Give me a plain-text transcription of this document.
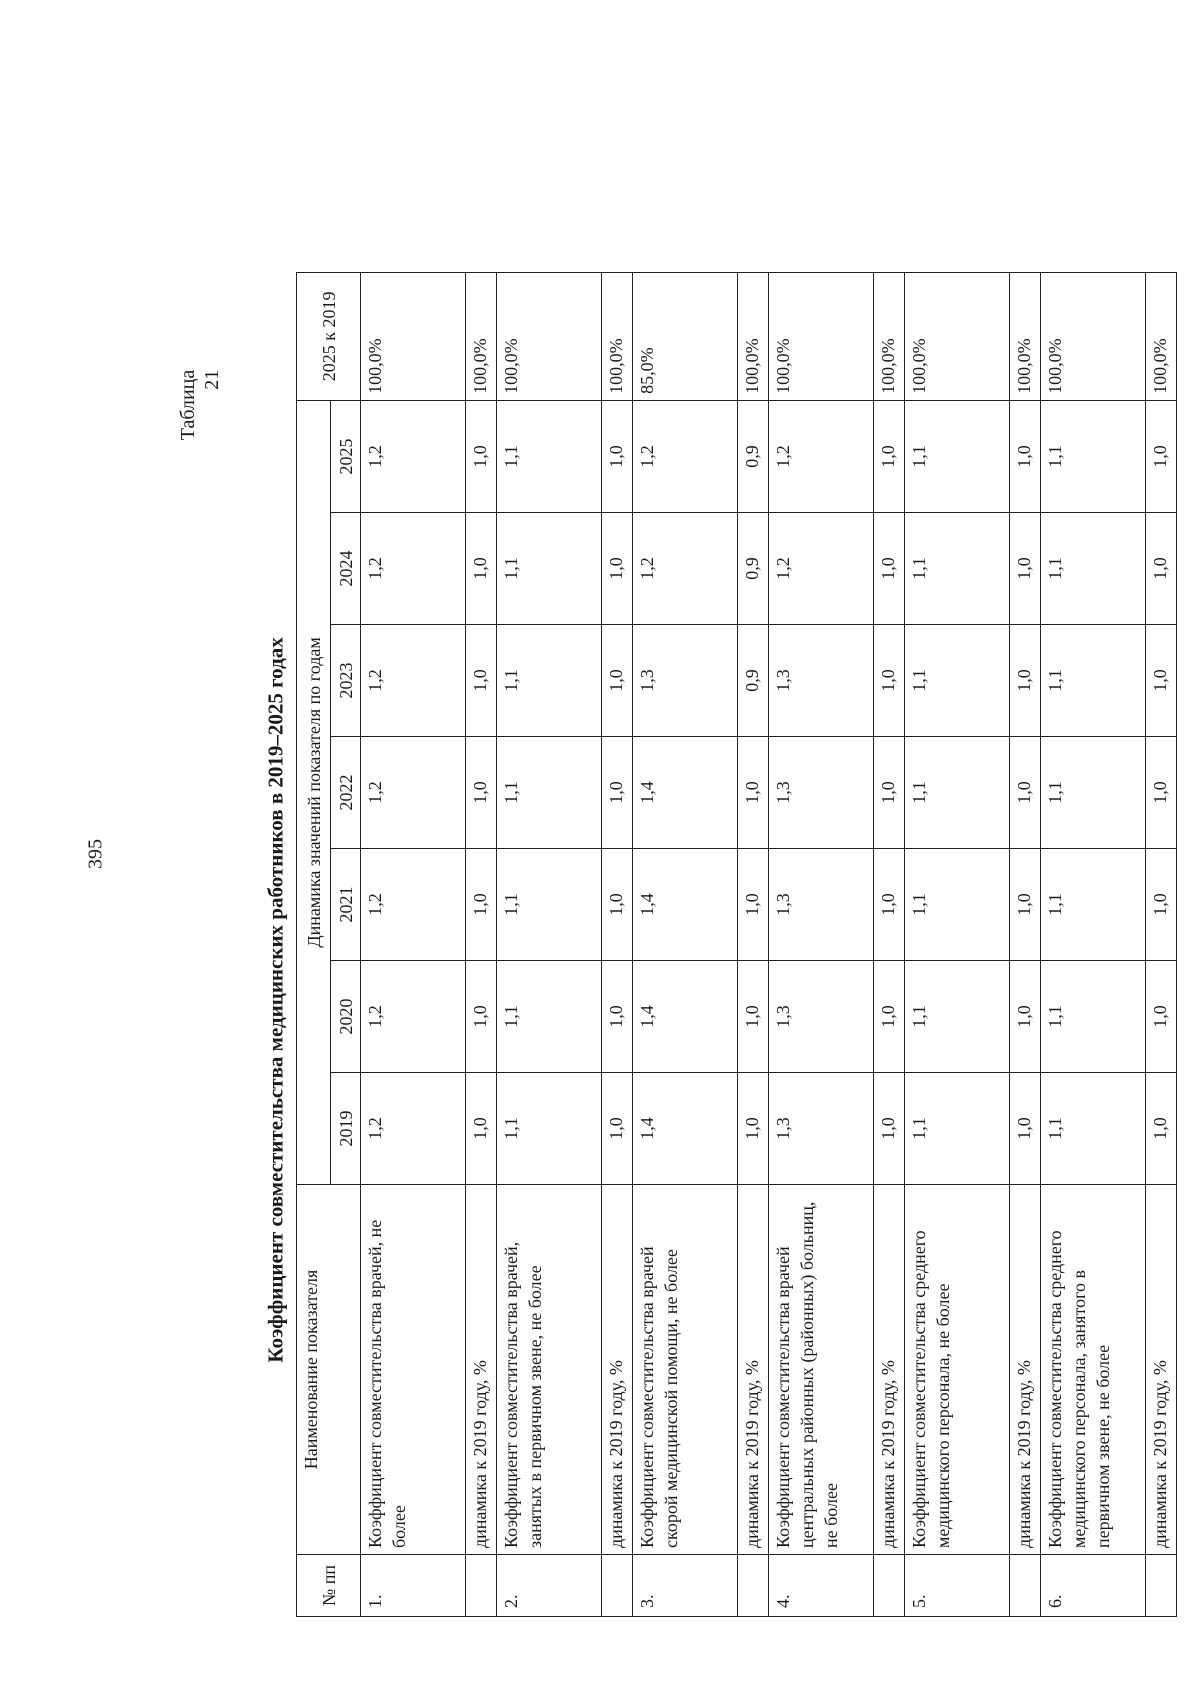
395
Таблица 21
Коэффициент совместительства медицинских работников в 2019–2025 годах
№ пп	Наименование показателя	Динамика значений показателя по годам							2025 к 2019
		2019	2020	2021	2022	2023	2024	2025	
1.	Коэффициент совместительства врачей, не более	1,2	1,2	1,2	1,2	1,2	1,2	1,2	100,0%
	динамика к 2019 году, %	1,0	1,0	1,0	1,0	1,0	1,0	1,0	100,0%
2.	Коэффициент совместительства врачей, занятых в первичном звене, не более	1,1	1,1	1,1	1,1	1,1	1,1	1,1	100,0%
	динамика к 2019 году, %	1,0	1,0	1,0	1,0	1,0	1,0	1,0	100,0%
3.	Коэффициент совместительства врачей скорой медицинской помощи, не более	1,4	1,4	1,4	1,4	1,3	1,2	1,2	85,0%
	динамика к 2019 году, %	1,0	1,0	1,0	1,0	0,9	0,9	0,9	100,0%
4.	Коэффициент совместительства врачей центральных районных (районных) больниц, не более	1,3	1,3	1,3	1,3	1,3	1,2	1,2	100,0%
	динамика к 2019 году, %	1,0	1,0	1,0	1,0	1,0	1,0	1,0	100,0%
5.	Коэффициент совместительства среднего медицинского персонала, не более	1,1	1,1	1,1	1,1	1,1	1,1	1,1	100,0%
	динамика к 2019 году, %	1,0	1,0	1,0	1,0	1,0	1,0	1,0	100,0%
6.	Коэффициент совместительства среднего медицинского персонала, занятого в первичном звене, не более	1,1	1,1	1,1	1,1	1,1	1,1	1,1	100,0%
	динамика к 2019 году, %	1,0	1,0	1,0	1,0	1,0	1,0	1,0	100,0%
